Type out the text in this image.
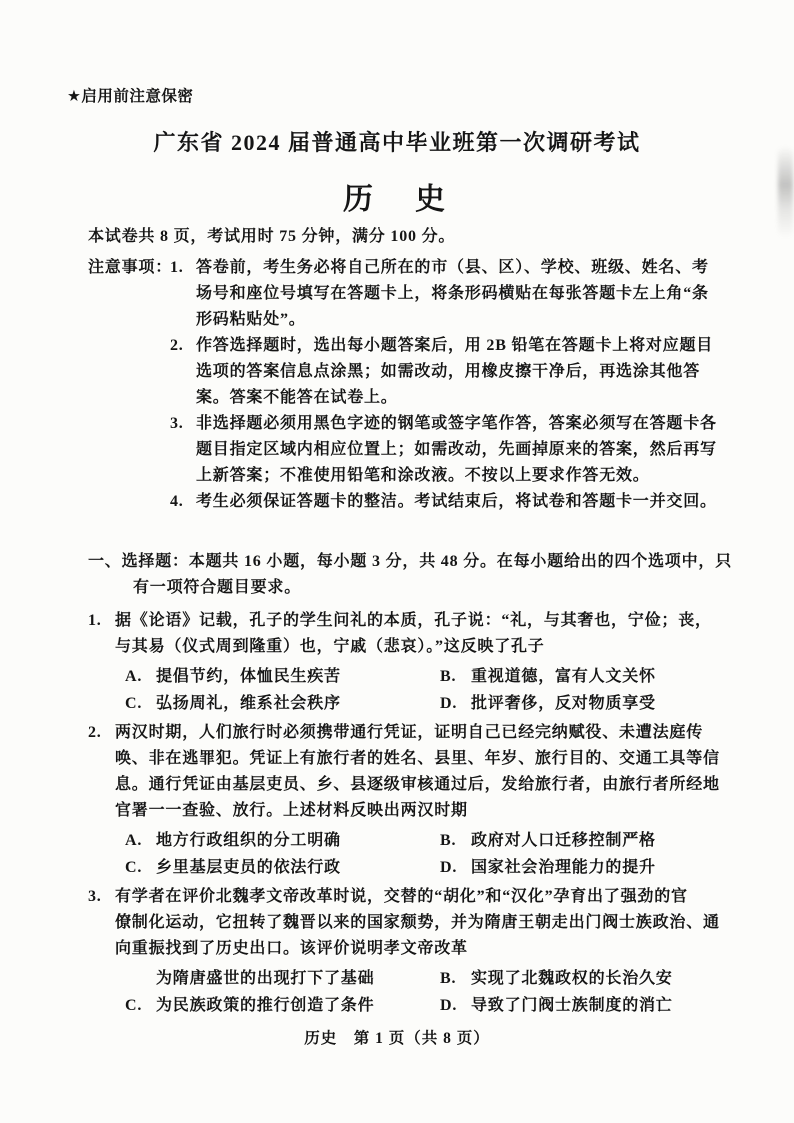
★启用前注意保密
广东省 2024 届普通高中毕业班第一次调研考试
历　史
本试卷共 8 页，考试用时 75 分钟，满分 100 分。
注意事项：
1. 答卷前，考生务必将自己所在的市（县、区）、学校、班级、姓名、考
场号和座位号填写在答题卡上，将条形码横贴在每张答题卡左上角“条
形码粘贴处”。
2. 作答选择题时，选出每小题答案后，用 2B 铅笔在答题卡上将对应题目
选项的答案信息点涂黑；如需改动，用橡皮擦干净后，再选涂其他答
案。答案不能答在试卷上。
3. 非选择题必须用黑色字迹的钢笔或签字笔作答，答案必须写在答题卡各
题目指定区域内相应位置上；如需改动，先画掉原来的答案，然后再写
上新答案；不准使用铅笔和涂改液。不按以上要求作答无效。
4. 考生必须保证答题卡的整洁。考试结束后，将试卷和答题卡一并交回。
一、选择题：本题共 16 小题，每小题 3 分，共 48 分。在每小题给出的四个选项中，只
有一项符合题目要求。
1. 据《论语》记载，孔子的学生问礼的本质，孔子说：“礼，与其奢也，宁俭；丧，
与其易（仪式周到隆重）也，宁戚（悲哀）。”这反映了孔子
A. 提倡节约，体恤民生疾苦	B. 重视道德，富有人文关怀
C. 弘扬周礼，维系社会秩序	D. 批评奢侈，反对物质享受
2. 两汉时期，人们旅行时必须携带通行凭证，证明自己已经完纳赋役、未遭法庭传
唤、非在逃罪犯。凭证上有旅行者的姓名、县里、年岁、旅行目的、交通工具等信
息。通行凭证由基层吏员、乡、县逐级审核通过后，发给旅行者，由旅行者所经地
官署一一查验、放行。上述材料反映出两汉时期
A. 地方行政组织的分工明确	B. 政府对人口迁移控制严格
C. 乡里基层吏员的依法行政	D. 国家社会治理能力的提升
3. 有学者在评价北魏孝文帝改革时说，交替的“胡化”和“汉化”孕育出了强劲的官
僚制化运动，它扭转了魏晋以来的国家颓势，并为隋唐王朝走出门阀士族政治、通
向重振找到了历史出口。该评价说明孝文帝改革
为隋唐盛世的出现打下了基础	B. 实现了北魏政权的长治久安
C. 为民族政策的推行创造了条件	D. 导致了门阀士族制度的消亡
历史　第 1 页（共 8 页）
